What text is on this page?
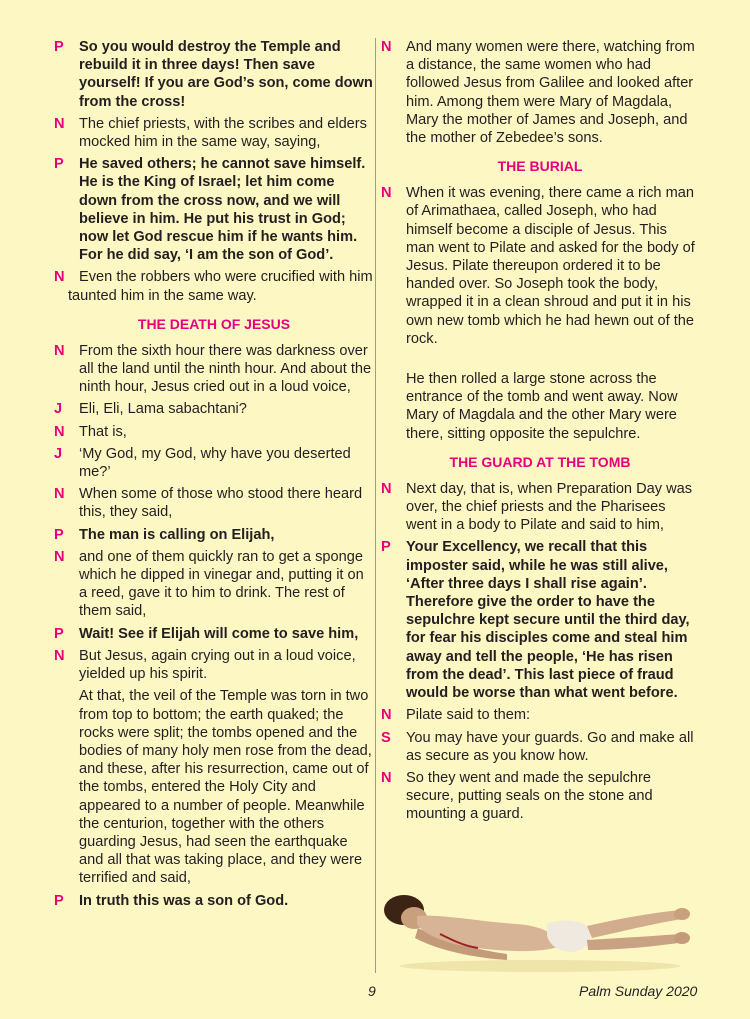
P	So you would destroy the Temple and rebuild it in three days! Then save yourself! If you are God’s son, come down from the cross!
N The chief priests, with the scribes and elders mocked him in the same way, saying,
P	He saved others; he cannot save himself. He is the King of Israel; let him come down from the cross now, and we will believe in him. He put his trust in God; now let God rescue him if he wants him. For he did say, ‘I am the son of God’.
N Even the robbers who were crucified with him taunted him in the same way.
THE DEATH OF JESUS
N From the sixth hour there was darkness over all the land until the ninth hour. And about the ninth hour, Jesus cried out in a loud voice,
J	Eli, Eli, Lama sabachtani?
N That is,
J	‘My God, my God, why have you deserted me?’
N When some of those who stood there heard this, they said,
P	The man is calling on Elijah,
N and one of them quickly ran to get a sponge which he dipped in vinegar and, putting it on a reed, gave it to him to drink. The rest of them said,
P	Wait! See if Elijah will come to save him,
N But Jesus, again crying out in a loud voice, yielded up his spirit.
At that, the veil of the Temple was torn in two from top to bottom; the earth quaked; the rocks were split; the tombs opened and the bodies of many holy men rose from the dead, and these, after his resurrection, came out of the tombs, entered the Holy City and appeared to a number of people. Meanwhile the centurion, together with the others guarding Jesus, had seen the earthquake and all that was taking place, and they were terrified and said,
P	In truth this was a son of God.
N And many women were there, watching from a distance, the same women who had followed Jesus from Galilee and looked after him. Among them were Mary of Magdala, Mary the mother of James and Joseph, and the mother of Zebedee’s sons.
THE BURIAL
N When it was evening, there came a rich man of Arimathaea, called Joseph, who had himself become a disciple of Jesus. This man went to Pilate and asked for the body of Jesus. Pilate thereupon ordered it to be handed over. So Joseph took the body, wrapped it in a clean shroud and put it in his own new tomb which he had hewn out of the rock.
He then rolled a large stone across the entrance of the tomb and went away. Now Mary of Magdala and the other Mary were there, sitting opposite the sepulchre.
THE GUARD AT THE TOMB
N Next day, that is, when Preparation Day was over, the chief priests and the Pharisees went in a body to Pilate and said to him,
P	Your Excellency, we recall that this imposter said, while he was still alive, ‘After three days I shall rise again’. Therefore give the order to have the sepulchre kept secure until the third day, for fear his disciples come and steal him away and tell the people, ‘He has risen from the dead’. This last piece of fraud would be worse than what went before.
N Pilate said to them:
S	You may have your guards. Go and make all as secure as you know how.
N So they went and made the sepulchre secure, putting seals on the stone and mounting a guard.
9	Palm Sunday 2020
